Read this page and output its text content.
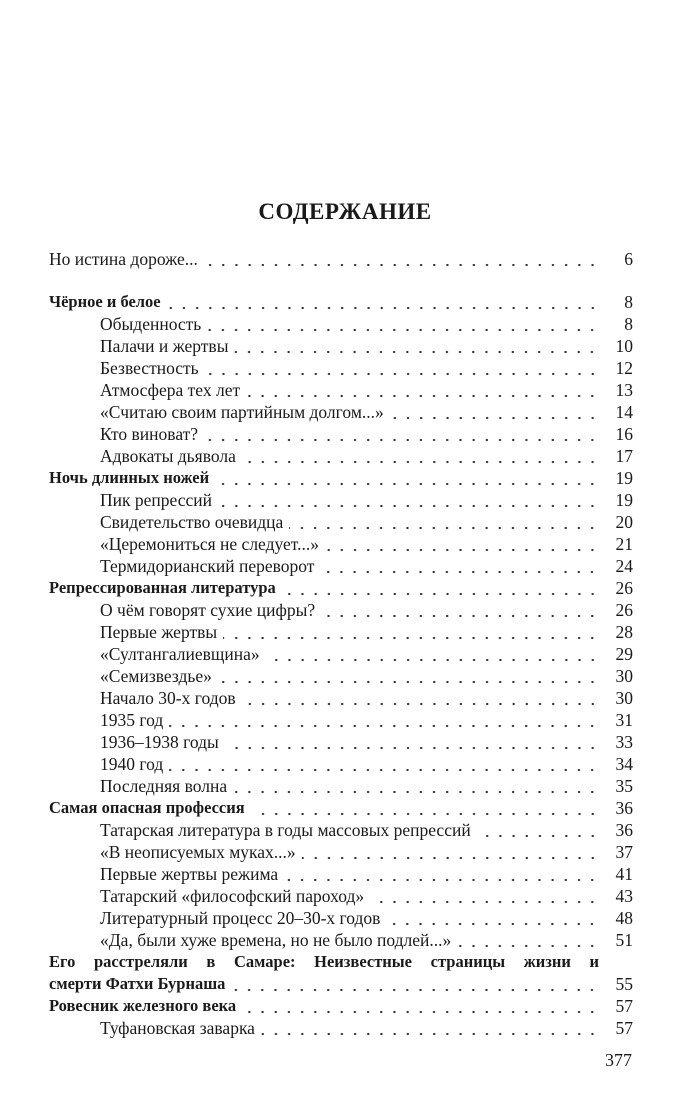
СОДЕРЖАНИЕ
Но истина дороже...	6
Чёрное и белое	8
Обыденность	8
Палачи и жертвы	10
Безвестность	12
Атмосфера тех лет	13
«Считаю своим партийным долгом...»	14
Кто виноват?	16
Адвокаты дьявола	17
Ночь длинных ножей	19
Пик репрессий	19
Свидетельство очевидца	20
«Церемониться не следует...»	21
Термидорианский переворот	24
Репрессированная литература	26
О чём говорят сухие цифры?	26
Первые жертвы	28
«Султангалиевщина»	29
«Семизвездье»	30
Начало 30-х годов	30
1935 год	31
1936–1938 годы	33
1940 год	34
Последняя волна	35
Самая опасная профессия	36
Татарская литература в годы массовых репрессий	36
«В неописуемых муках...»	37
Первые жертвы режима	41
Татарский «философский пароход»	43
Литературный процесс 20–30-х годов	48
«Да, были хуже времена, но не было подлей...»	51
Его расстреляли в Самаре: Неизвестные страницы жизни и
смерти Фатхи Бурнаша	55
Ровесник железного века	57
Туфановская заварка	57
377
